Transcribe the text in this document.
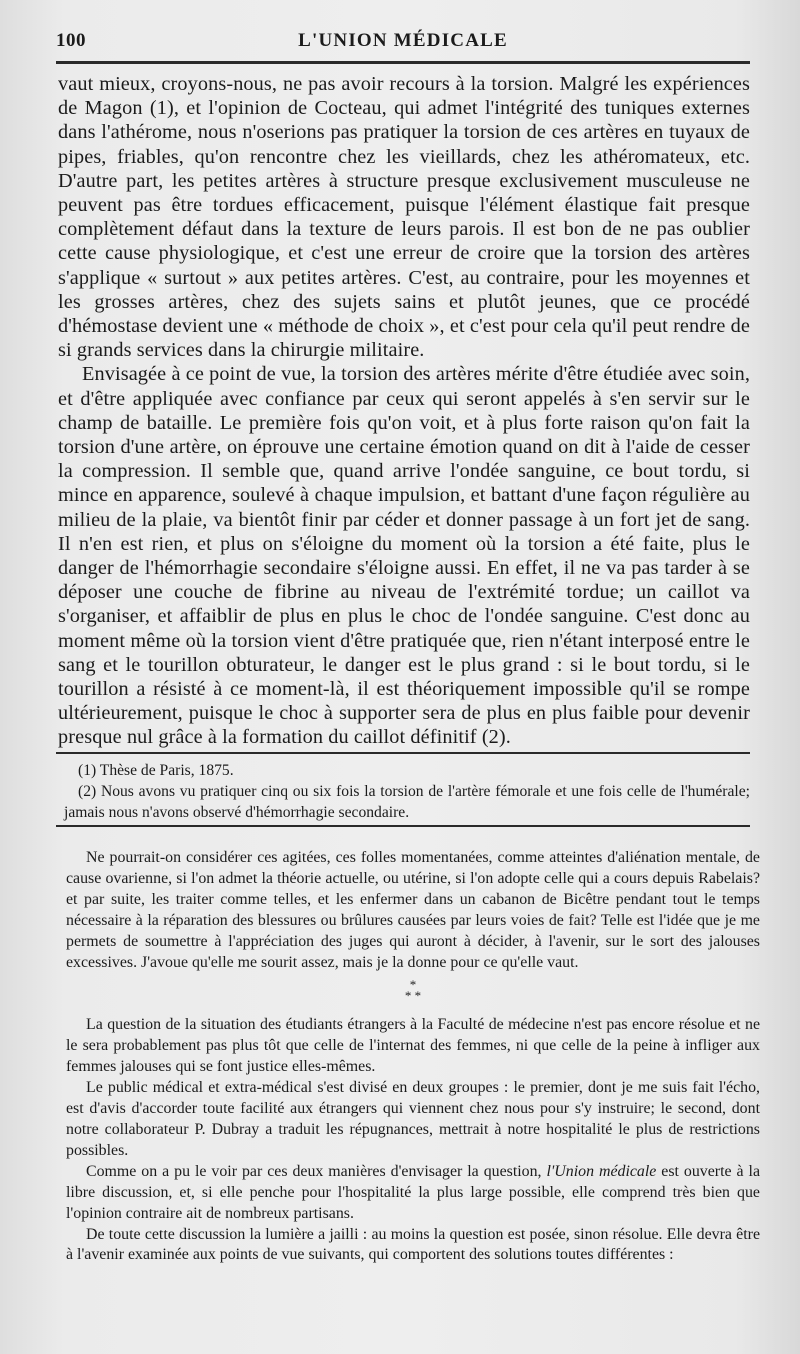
100	L'UNION MÉDICALE

vaut mieux, croyons-nous, ne pas avoir recours à la torsion. Malgré les expériences de Magon (1), et l'opinion de Cocteau, qui admet l'intégrité des tuniques externes dans l'athérome, nous n'oserions pas pratiquer la torsion de ces artères en tuyaux de pipes, friables, qu'on rencontre chez les vieillards, chez les athéromateux, etc. D'autre part, les petites artères à structure presque exclusivement musculeuse ne peuvent pas être tordues efficacement, puisque l'élément élastique fait presque complètement défaut dans la texture de leurs parois. Il est bon de ne pas oublier cette cause physiologique, et c'est une erreur de croire que la torsion des artères s'applique « surtout » aux petites artères. C'est, au contraire, pour les moyennes et les grosses artères, chez des sujets sains et plutôt jeunes, que ce procédé d'hémostase devient une « méthode de choix », et c'est pour cela qu'il peut rendre de si grands services dans la chirurgie militaire.

Envisagée à ce point de vue, la torsion des artères mérite d'être étudiée avec soin, et d'être appliquée avec confiance par ceux qui seront appelés à s'en servir sur le champ de bataille. Le première fois qu'on voit, et à plus forte raison qu'on fait la torsion d'une artère, on éprouve une certaine émotion quand on dit à l'aide de cesser la compression. Il semble que, quand arrive l'ondée sanguine, ce bout tordu, si mince en apparence, soulevé à chaque impulsion, et battant d'une façon régulière au milieu de la plaie, va bientôt finir par céder et donner passage à un fort jet de sang. Il n'en est rien, et plus on s'éloigne du moment où la torsion a été faite, plus le danger de l'hémorrhagie secondaire s'éloigne aussi. En effet, il ne va pas tarder à se déposer une couche de fibrine au niveau de l'extrémité tordue; un caillot va s'organiser, et affaiblir de plus en plus le choc de l'ondée sanguine. C'est donc au moment même où la torsion vient d'être pratiquée que, rien n'étant interposé entre le sang et le tourillon obturateur, le danger est le plus grand : si le bout tordu, si le tourillon a résisté à ce moment-là, il est théoriquement impossible qu'il se rompe ultérieurement, puisque le choc à supporter sera de plus en plus faible pour devenir presque nul grâce à la formation du caillot définitif (2).

(1) Thèse de Paris, 1875.

(2) Nous avons vu pratiquer cinq ou six fois la torsion de l'artère fémorale et une fois celle de l'humérale; jamais nous n'avons observé d'hémorrhagie secondaire.

Ne pourrait-on considérer ces agitées, ces folles momentanées, comme atteintes d'aliénation mentale, de cause ovarienne, si l'on admet la théorie actuelle, ou utérine, si l'on adopte celle qui a cours depuis Rabelais? et par suite, les traiter comme telles, et les enfermer dans un cabanon de Bicêtre pendant tout le temps nécessaire à la réparation des blessures ou brûlures causées par leurs voies de fait? Telle est l'idée que je me permets de soumettre à l'appréciation des juges qui auront à décider, à l'avenir, sur le sort des jalouses excessives. J'avoue qu'elle me sourit assez, mais je la donne pour ce qu'elle vaut.

*
* *

La question de la situation des étudiants étrangers à la Faculté de médecine n'est pas encore résolue et ne le sera probablement pas plus tôt que celle de l'internat des femmes, ni que celle de la peine à infliger aux femmes jalouses qui se font justice elles-mêmes.

Le public médical et extra-médical s'est divisé en deux groupes : le premier, dont je me suis fait l'écho, est d'avis d'accorder toute facilité aux étrangers qui viennent chez nous pour s'y instruire; le second, dont notre collaborateur P. Dubray a traduit les répugnances, mettrait à notre hospitalité le plus de restrictions possibles.

Comme on a pu le voir par ces deux manières d'envisager la question, l'Union médicale est ouverte à la libre discussion, et, si elle penche pour l'hospitalité la plus large possible, elle comprend très bien que l'opinion contraire ait de nombreux partisans.

De toute cette discussion la lumière a jailli : au moins la question est posée, sinon résolue. Elle devra être à l'avenir examinée aux points de vue suivants, qui comportent des solutions toutes différentes :
